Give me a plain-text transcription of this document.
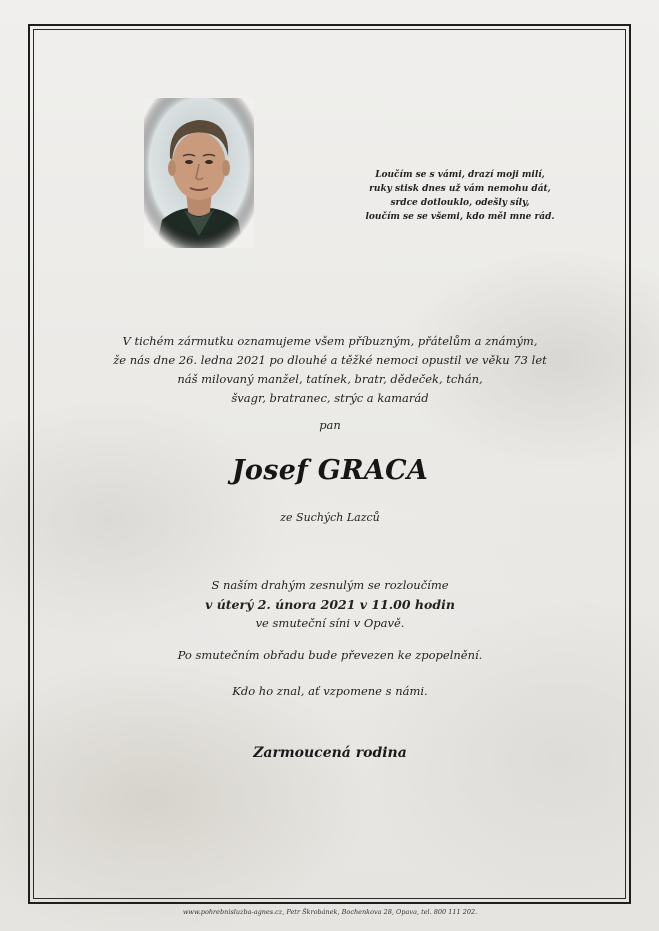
Loučím se s vámi, drazí moji milí,
ruky stisk dnes už vám nemohu dát,
srdce dotlouklo, odešly síly,
loučím se se všemi, kdo měl mne rád.
V tichém zármutku oznamujeme všem příbuzným, přátelům a známým,
že nás dne 26. ledna 2021 po dlouhé a těžké nemoci opustil ve věku 73 let
náš milovaný manžel, tatínek, bratr, dědeček, tchán,
švagr, bratranec, strýc a kamarád
pan
Josef GRACA
ze Suchých Lazců
S naším drahým zesnulým se rozloučíme
v úterý 2. února 2021 v 11.00 hodin
ve smuteční síni v Opavě.
Po smutečním obřadu bude převezen ke zpopelnění.
Kdo ho znal, ať vzpomene s námi.
Zarmoucená rodina
www.pohrebnisluzba-agnes.cz, Petr Škrobánek, Bochenkova 28, Opava, tel. 800 111 202.
